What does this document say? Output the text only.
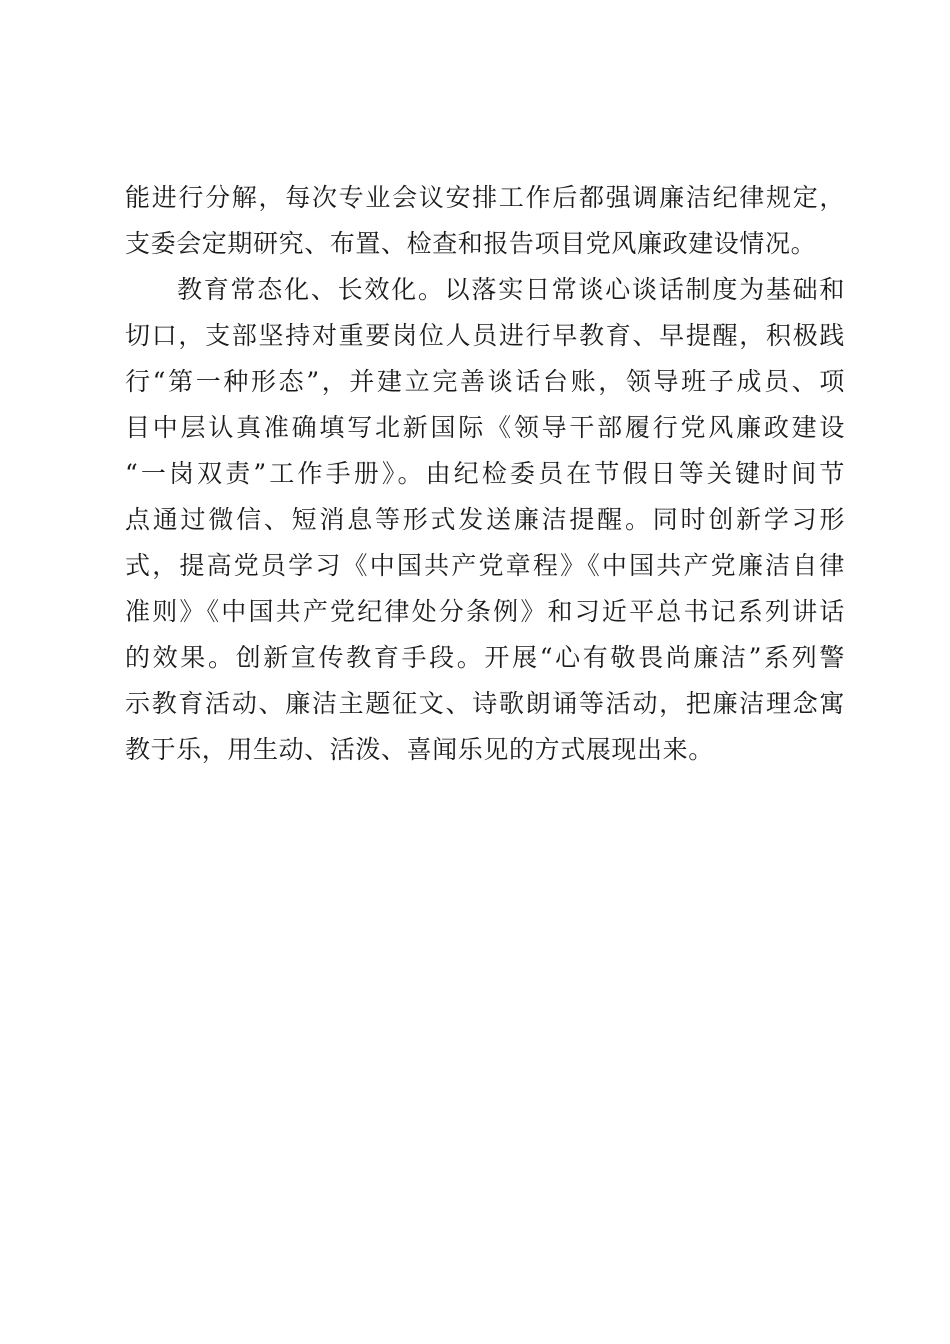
能进行分解，每次专业会议安排工作后都强调廉洁纪律规定，
支委会定期研究、布置、检查和报告项目党风廉政建设情况。
教育常态化、长效化。以落实日常谈心谈话制度为基础和
切口，支部坚持对重要岗位人员进行早教育、早提醒，积极践
行“第一种形态”，并建立完善谈话台账，领导班子成员、项
目中层认真准确填写北新国际《领导干部履行党风廉政建设
“一岗双责”工作手册》。由纪检委员在节假日等关键时间节
点通过微信、短消息等形式发送廉洁提醒。同时创新学习形
式，提高党员学习《中国共产党章程》《中国共产党廉洁自律
准则》《中国共产党纪律处分条例》和习近平总书记系列讲话
的效果。创新宣传教育手段。开展“心有敬畏尚廉洁”系列警
示教育活动、廉洁主题征文、诗歌朗诵等活动，把廉洁理念寓
教于乐，用生动、活泼、喜闻乐见的方式展现出来。
